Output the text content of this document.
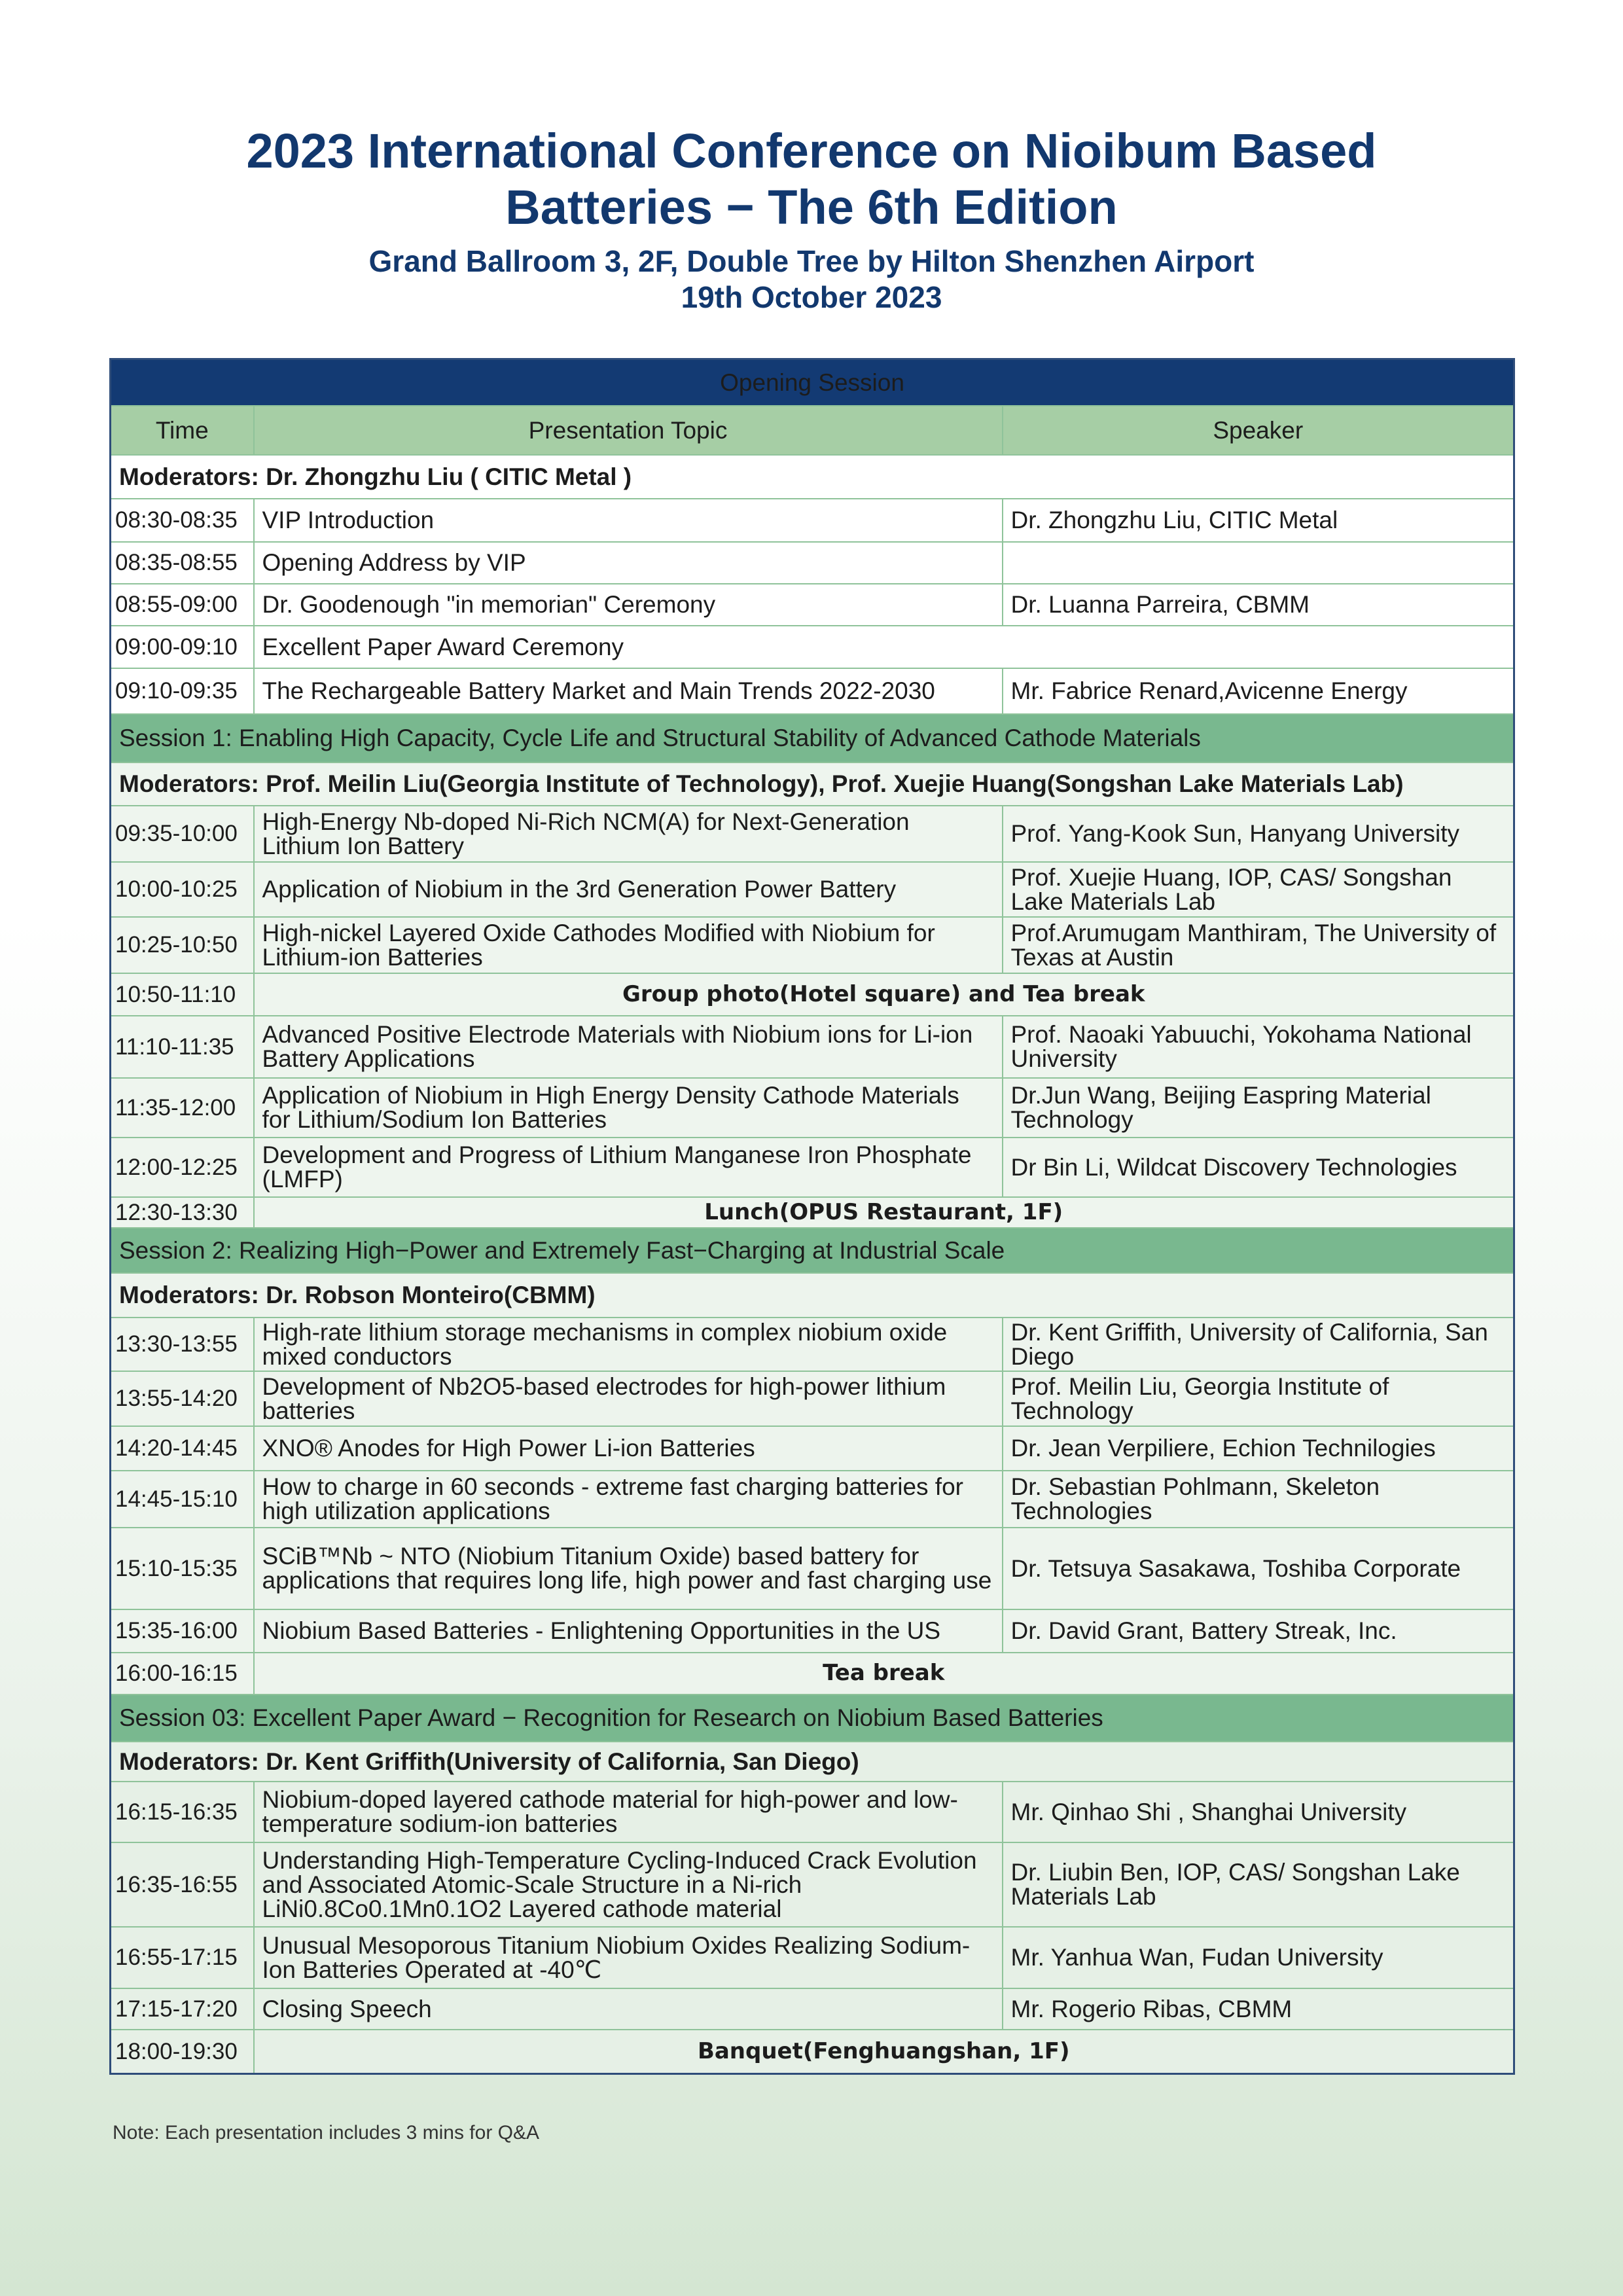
2023 International Conference on Nioibum Based
Batteries − The 6th Edition
Grand Ballroom 3, 2F, Double Tree by Hilton Shenzhen Airport
19th October 2023
Opening Session		
Time	Presentation Topic	Speaker
Moderators: Dr. Zhongzhu Liu ( CITIC Metal )		
08:30-08:35	VIP Introduction	Dr. Zhongzhu Liu, CITIC Metal
08:35-08:55	Opening Address by VIP	
08:55-09:00	Dr. Goodenough "in memorian" Ceremony	Dr. Luanna Parreira, CBMM
09:00-09:10	Excellent Paper Award Ceremony	
09:10-09:35	The Rechargeable Battery Market and Main Trends 2022-2030	Mr. Fabrice Renard,Avicenne Energy
Session 1: Enabling High Capacity, Cycle Life and Structural Stability of Advanced Cathode Materials		
Moderators: Prof. Meilin Liu(Georgia Institute of Technology), Prof. Xuejie Huang(Songshan Lake Materials Lab)		
09:35-10:00	High-Energy Nb-doped Ni-Rich NCM(A) for Next-Generation Lithium Ion Battery	Prof. Yang-Kook Sun, Hanyang University
10:00-10:25	Application of Niobium in the 3rd Generation Power Battery	Prof. Xuejie Huang, IOP, CAS/ Songshan Lake Materials Lab
10:25-10:50	High-nickel Layered Oxide Cathodes Modified with Niobium for Lithium-ion Batteries	Prof.Arumugam Manthiram, The University of Texas at Austin
10:50-11:10	Group photo(Hotel square) and Tea break	
11:10-11:35	Advanced Positive Electrode Materials with Niobium ions for Li-ion Battery Applications	Prof. Naoaki Yabuuchi, Yokohama National University
11:35-12:00	Application of Niobium in High Energy Density Cathode Materials for Lithium/Sodium Ion Batteries	Dr.Jun Wang, Beijing Easpring Material Technology
12:00-12:25	Development and Progress of Lithium Manganese Iron Phosphate (LMFP)	Dr Bin Li, Wildcat Discovery Technologies
12:30-13:30	Lunch(OPUS Restaurant, 1F)	
Session 2: Realizing High−Power and Extremely Fast−Charging at Industrial Scale		
Moderators: Dr. Robson Monteiro(CBMM)		
13:30-13:55	High-rate lithium storage mechanisms in complex niobium oxide mixed conductors	Dr. Kent Griffith, University of California, San Diego
13:55-14:20	Development of Nb2O5-based electrodes for high-power lithium batteries	Prof. Meilin Liu, Georgia Institute of Technology
14:20-14:45	XNO® Anodes for High Power Li-ion Batteries	Dr. Jean Verpiliere, Echion Technilogies
14:45-15:10	How to charge in 60 seconds - extreme fast charging batteries for high utilization applications	Dr. Sebastian Pohlmann, Skeleton Technologies
15:10-15:35	SCiB™Nb ~ NTO (Niobium Titanium Oxide) based battery for applications that requires long life, high power and fast charging use	Dr. Tetsuya Sasakawa, Toshiba Corporate
15:35-16:00	Niobium Based Batteries - Enlightening Opportunities in the US	Dr. David Grant, Battery Streak, Inc.
16:00-16:15	Tea break	
Session 03: Excellent Paper Award − Recognition for Research on Niobium Based Batteries		
Moderators: Dr. Kent Griffith(University of California, San Diego)		
16:15-16:35	Niobium-doped layered cathode material for high-power and low- temperature sodium-ion batteries	Mr. Qinhao Shi , Shanghai University
16:35-16:55	Understanding High-Temperature Cycling-Induced Crack Evolution and Associated Atomic-Scale Structure in a Ni-rich LiNi0.8Co0.1Mn0.1O2 Layered cathode material	Dr. Liubin Ben, IOP, CAS/ Songshan Lake Materials Lab
16:55-17:15	Unusual Mesoporous Titanium Niobium Oxides Realizing Sodium-Ion Batteries Operated at -40℃	Mr. Yanhua Wan, Fudan University
17:15-17:20	Closing Speech	Mr. Rogerio Ribas, CBMM
18:00-19:30	Banquet(Fenghuangshan, 1F)	
Note: Each presentation includes 3 mins for Q&A
